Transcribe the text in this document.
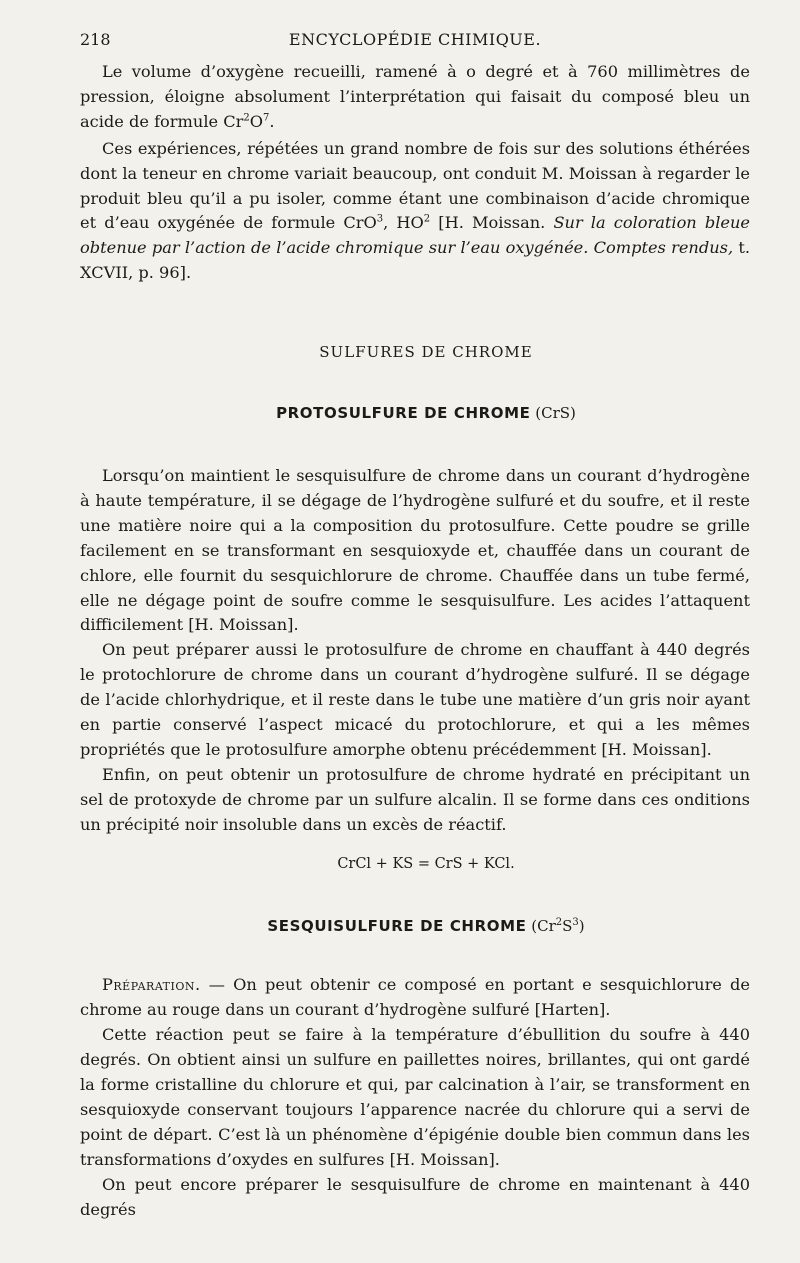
218	ENCYCLOPÉDIE CHIMIQUE.

Le volume d’oxygène recueilli, ramené à o degré et à 760 millimètres de pression, éloigne absolument l’interprétation qui faisait du composé bleu un acide de formule $Cr^2O^7$.

Ces expériences, répétées un grand nombre de fois sur des solutions éthérées dont la teneur en chrome variait beaucoup, ont conduit M. Moissan à regarder le produit bleu qu’il a pu isoler, comme étant une combinaison d’acide chromique et d’eau oxygénée de formule CrO$^3$, $HO^2$ [H. Moissan. Sur la coloration bleue obtenue par l’action de l’acide chromique sur l’eau oxygénée. Comptes rendus, t. XCVII, p. 96].

SULFURES DE CHROME

PROTOSULFURE DE CHROME (CrS)

Lorsqu’on maintient le sesquisulfure de chrome dans un courant d’hydrogène à haute température, il se dégage de l’hydrogène sulfuré et du soufre, et il reste une matière noire qui a la composition du protosulfure. Cette poudre se grille facilement en se transformant en sesquioxyde et, chauffée dans un courant de chlore, elle fournit du sesquichlorure de chrome. Chauffée dans un tube fermé, elle ne dégage point de soufre comme le sesquisulfure. Les acides l’attaquent difficilement [H. Moissan].

On peut préparer aussi le protosulfure de chrome en chauffant à 440 degrés le protochlorure de chrome dans un courant d’hydrogène sulfuré. Il se dégage de l’acide chlorhydrique, et il reste dans le tube une matière d’un gris noir ayant en partie conservé l’aspect micacé du protochlorure, et qui a les mêmes propriétés que le protosulfure amorphe obtenu précédemment [H. Moissan].

Enfin, on peut obtenir un protosulfure de chrome hydraté en précipitant un sel de protoxyde de chrome par un sulfure alcalin. Il se forme dans ces onditions un précipité noir insoluble dans un excès de réactif.

CrCl + KS = CrS + KCl.

SESQUISULFURE DE CHROME $(Cr^2S^3)$

Préparation. — On peut obtenir ce composé en portant e sesquichlorure de chrome au rouge dans un courant d’hydrogène sulfuré [Harten].

Cette réaction peut se faire à la température d’ébullition du soufre à 440 degrés. On obtient ainsi un sulfure en paillettes noires, brillantes, qui ont gardé la forme cristalline du chlorure et qui, par calcination à l’air, se transforment en sesquioxyde conservant toujours l’apparence nacrée du chlorure qui a servi de point de départ. C’est là un phénomène d’épigénie double bien commun dans les transformations d’oxydes en sulfures [H. Moissan].

On peut encore préparer le sesquisulfure de chrome en maintenant à 440 degrés
